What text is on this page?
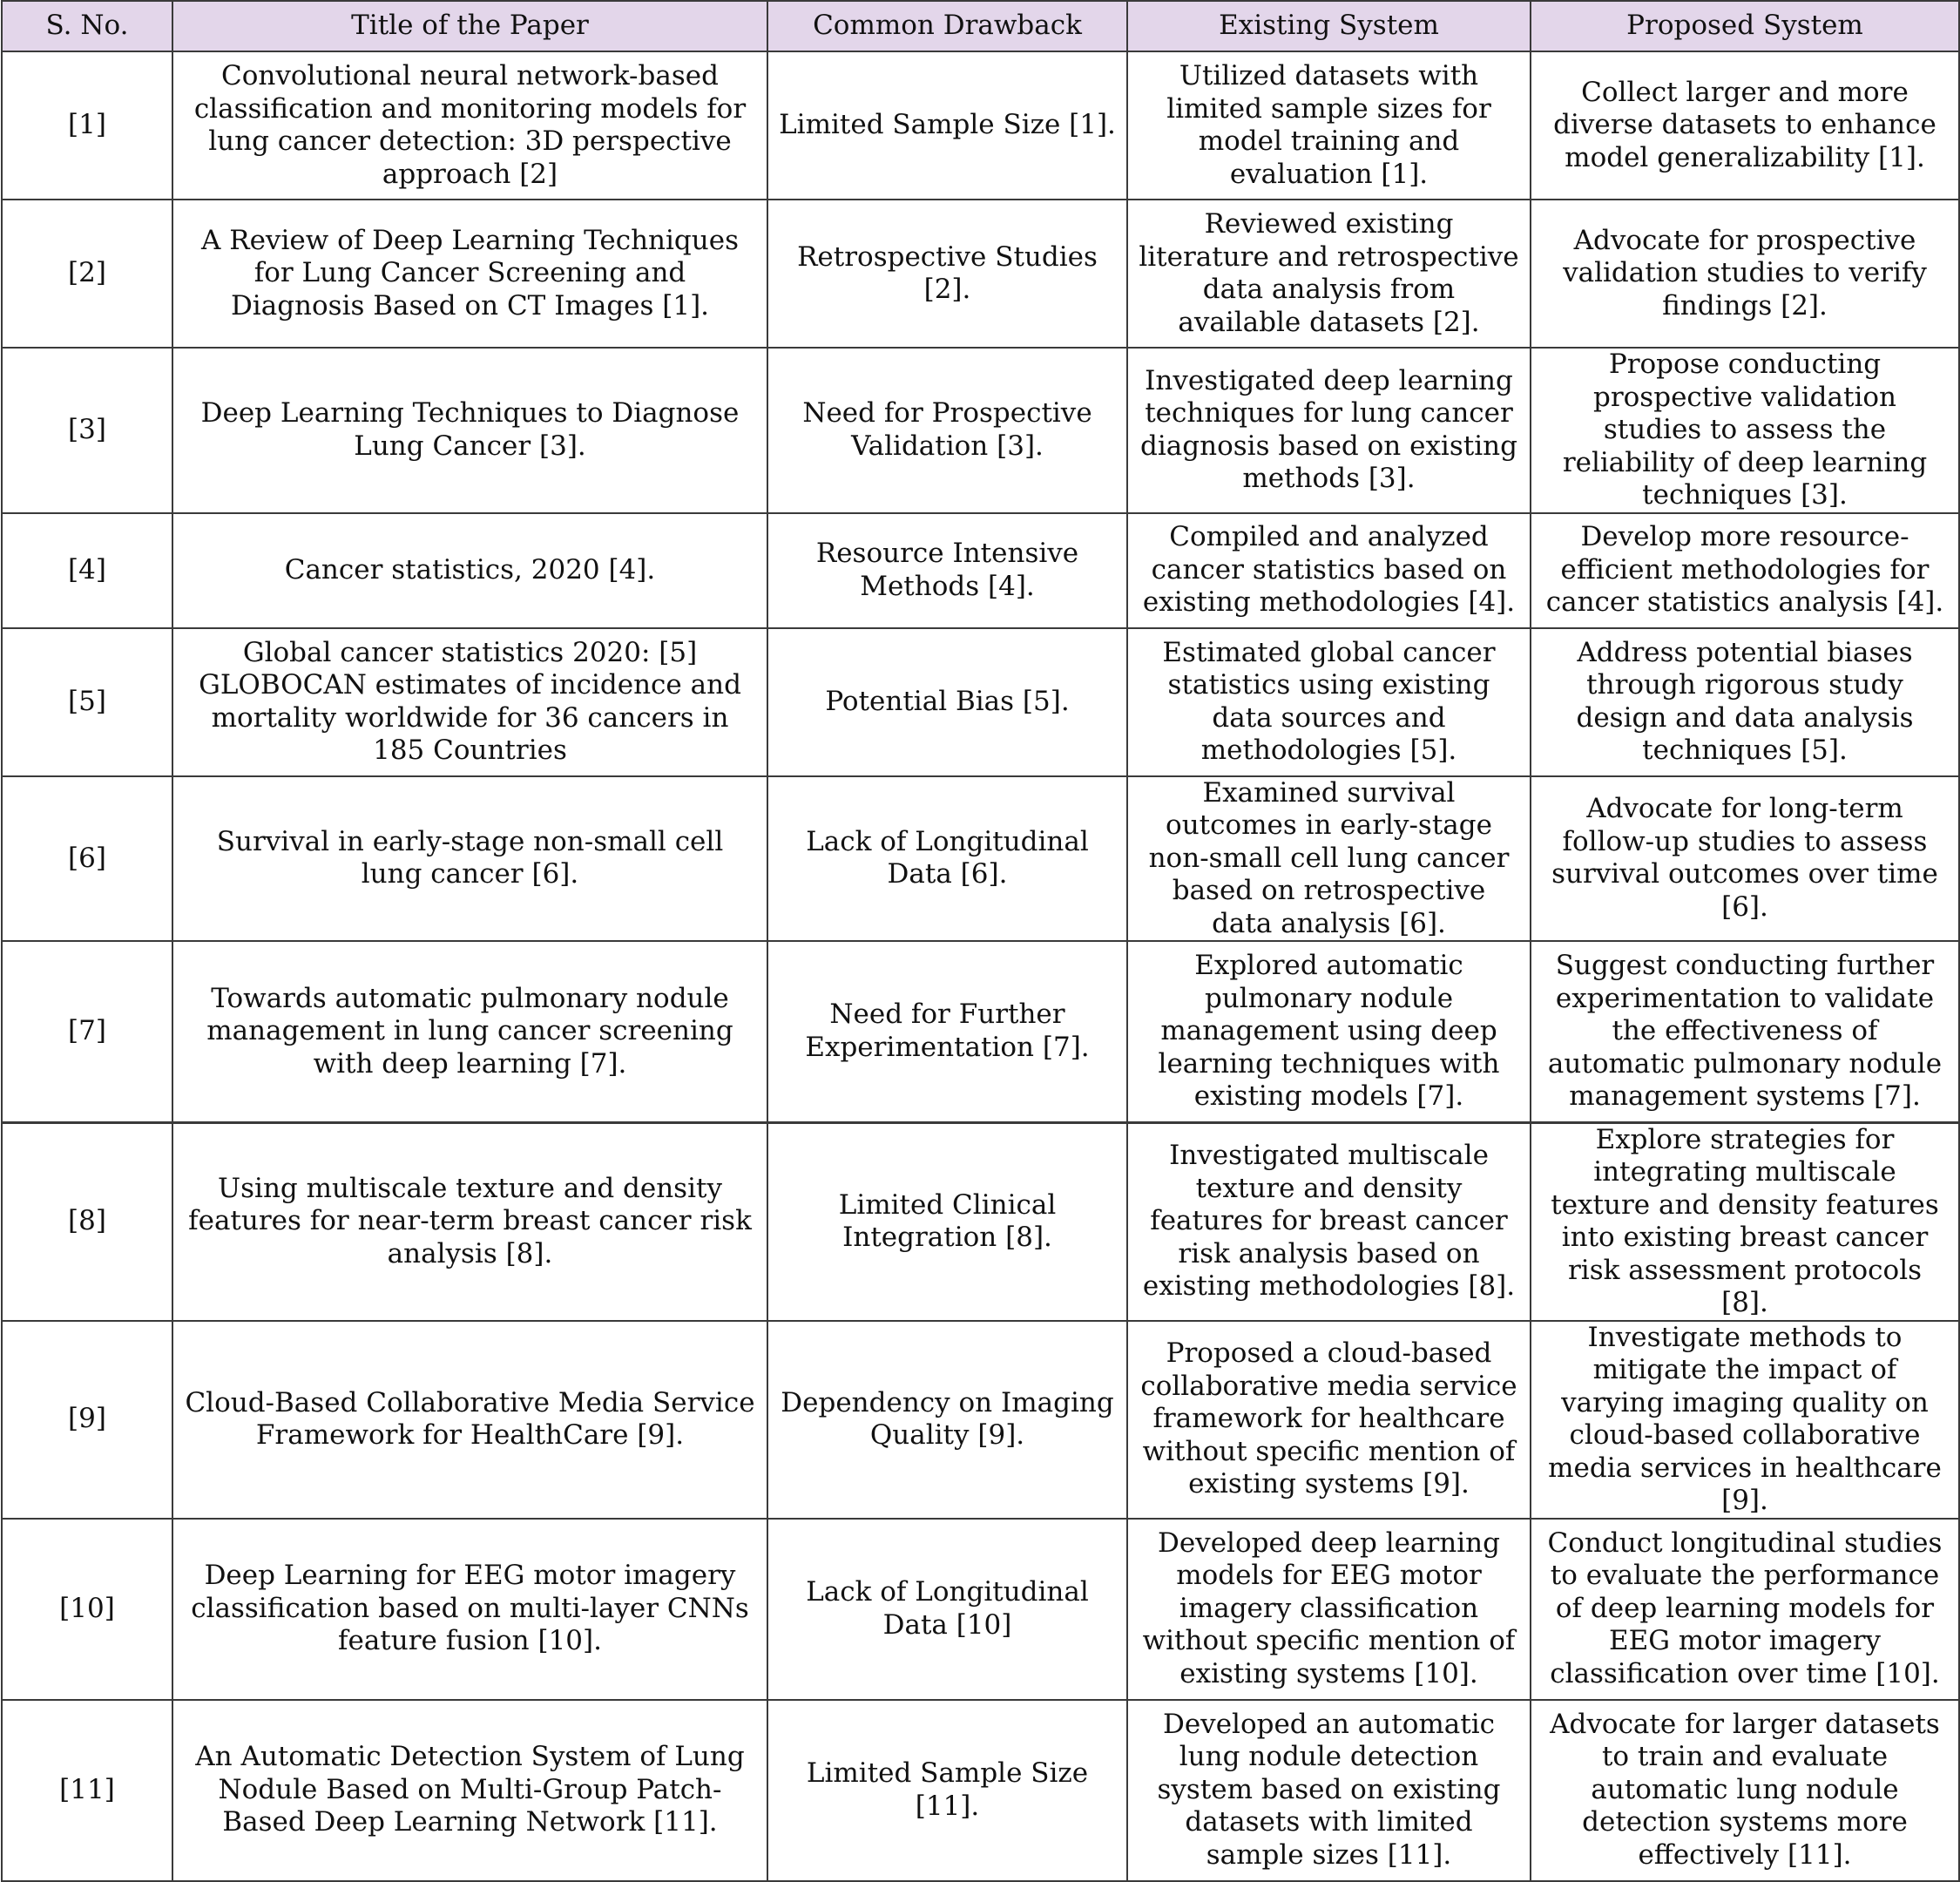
S. No.	Title of the Paper	Common Drawback	Existing System	Proposed System
[1]	Convolutional neural network-based classification and monitoring models for lung cancer detection: 3D perspective approach [2]	Limited Sample Size [1].	Utilized datasets with limited sample sizes for model training and evaluation [1].	Collect larger and more diverse datasets to enhance model generalizability [1].
[2]	A Review of Deep Learning Techniques for Lung Cancer Screening and Diagnosis Based on CT Images [1].	Retrospective Studies [2].	Reviewed existing literature and retrospective data analysis from available datasets [2].	Advocate for prospective validation studies to verify findings [2].
[3]	Deep Learning Techniques to Diagnose Lung Cancer [3].	Need for Prospective Validation [3].	Investigated deep learning techniques for lung cancer diagnosis based on existing methods [3].	Propose conducting prospective validation studies to assess the reliability of deep learning techniques [3].
[4]	Cancer statistics, 2020 [4].	Resource Intensive Methods [4].	Compiled and analyzed cancer statistics based on existing methodologies [4].	Develop more resource-efficient methodologies for cancer statistics analysis [4].
[5]	Global cancer statistics 2020: [5] GLOBOCAN estimates of incidence and mortality worldwide for 36 cancers in 185 Countries	Potential Bias [5].	Estimated global cancer statistics using existing data sources and methodologies [5].	Address potential biases through rigorous study design and data analysis techniques [5].
[6]	Survival in early-stage non-small cell lung cancer [6].	Lack of Longitudinal Data [6].	Examined survival outcomes in early-stage non-small cell lung cancer based on retrospective data analysis [6].	Advocate for long-term follow-up studies to assess survival outcomes over time [6].
[7]	Towards automatic pulmonary nodule management in lung cancer screening with deep learning [7].	Need for Further Experimentation [7].	Explored automatic pulmonary nodule management using deep learning techniques with existing models [7].	Suggest conducting further experimentation to validate the effectiveness of automatic pulmonary nodule management systems [7].
[8]	Using multiscale texture and density features for near-term breast cancer risk analysis [8].	Limited Clinical Integration [8].	Investigated multiscale texture and density features for breast cancer risk analysis based on existing methodologies [8].	Explore strategies for integrating multiscale texture and density features into existing breast cancer risk assessment protocols [8].
[9]	Cloud-Based Collaborative Media Service Framework for HealthCare [9].	Dependency on Imaging Quality [9].	Proposed a cloud-based collaborative media service framework for healthcare without specific mention of existing systems [9].	Investigate methods to mitigate the impact of varying imaging quality on cloud-based collaborative media services in healthcare [9].
[10]	Deep Learning for EEG motor imagery classification based on multi-layer CNNs feature fusion [10].	Lack of Longitudinal Data [10]	Developed deep learning models for EEG motor imagery classification without specific mention of existing systems [10].	Conduct longitudinal studies to evaluate the performance of deep learning models for EEG motor imagery classification over time [10].
[11]	An Automatic Detection System of Lung Nodule Based on Multi-Group Patch-Based Deep Learning Network [11].	Limited Sample Size [11].	Developed an automatic lung nodule detection system based on existing datasets with limited sample sizes [11].	Advocate for larger datasets to train and evaluate automatic lung nodule detection systems more effectively [11].
